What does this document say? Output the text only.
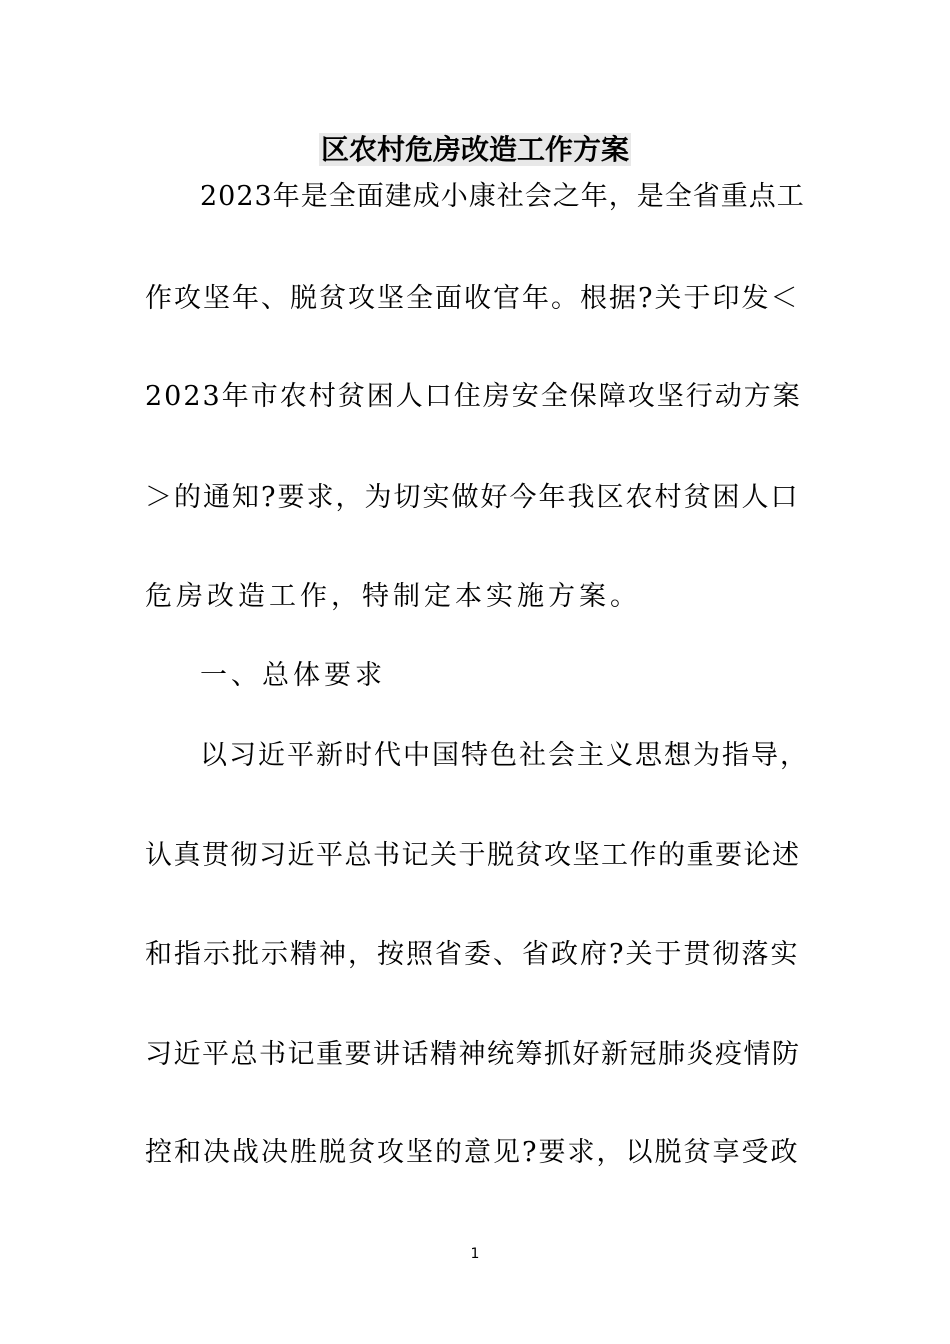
区农村危房改造工作方案

2023年是全面建成小康社会之年，是全省重点工

作攻坚年、脱贫攻坚全面收官年。根据?关于印发＜

2023年市农村贫困人口住房安全保障攻坚行动方案

＞的通知?要求，为切实做好今年我区农村贫困人口

危房改造工作，特制定本实施方案。

一、总体要求

以习近平新时代中国特色社会主义思想为指导，

认真贯彻习近平总书记关于脱贫攻坚工作的重要论述

和指示批示精神，按照省委、省政府?关于贯彻落实

习近平总书记重要讲话精神统筹抓好新冠肺炎疫情防

控和决战决胜脱贫攻坚的意见?要求，以脱贫享受政

1
